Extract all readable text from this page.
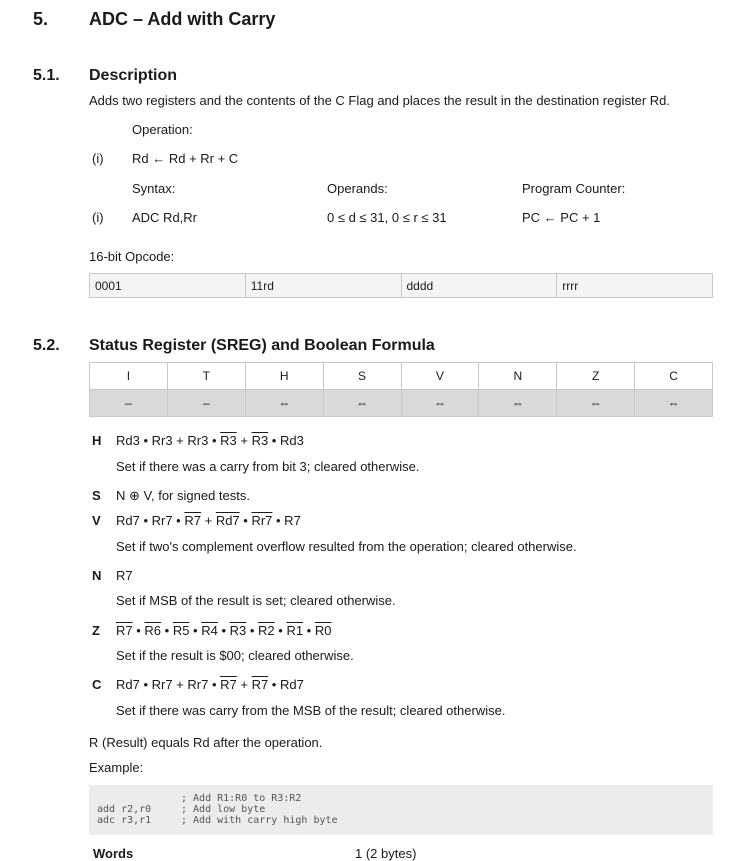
5. ADC – Add with Carry
5.1. Description
Adds two registers and the contents of the C Flag and places the result in the destination register Rd.
Operation:
(i) Rd ← Rd + Rr + C
Syntax:	Operands:	Program Counter:
(i) ADC Rd,Rr	0 ≤ d ≤ 31, 0 ≤ r ≤ 31	PC ← PC + 1
16-bit Opcode:
0001	11rd	dddd	rrrr
5.2. Status Register (SREG) and Boolean Formula
I	T	H	S	V	N	Z	C
–	–	⇔	⇔	⇔	⇔	⇔	⇔
H Rd3 • Rr3 + Rr3 • R3 + R3 • Rd3
Set if there was a carry from bit 3; cleared otherwise.
S N ⊕ V, for signed tests.
V Rd7 • Rr7 • R7 + Rd7 • Rr7 • R7
Set if two's complement overflow resulted from the operation; cleared otherwise.
N R7
Set if MSB of the result is set; cleared otherwise.
Z R7 • R6 • R5 • R4 • R3 • R2 • R1 • R0
Set if the result is $00; cleared otherwise.
C Rd7 • Rr7 + Rr7 • R7 + R7 • Rd7
Set if there was carry from the MSB of the result; cleared otherwise.
R (Result) equals Rd after the operation.
Example:
; Add R1:R0 to R3:R2
add r2,r0	; Add low byte
adc r3,r1	; Add with carry high byte
Words	1 (2 bytes)
